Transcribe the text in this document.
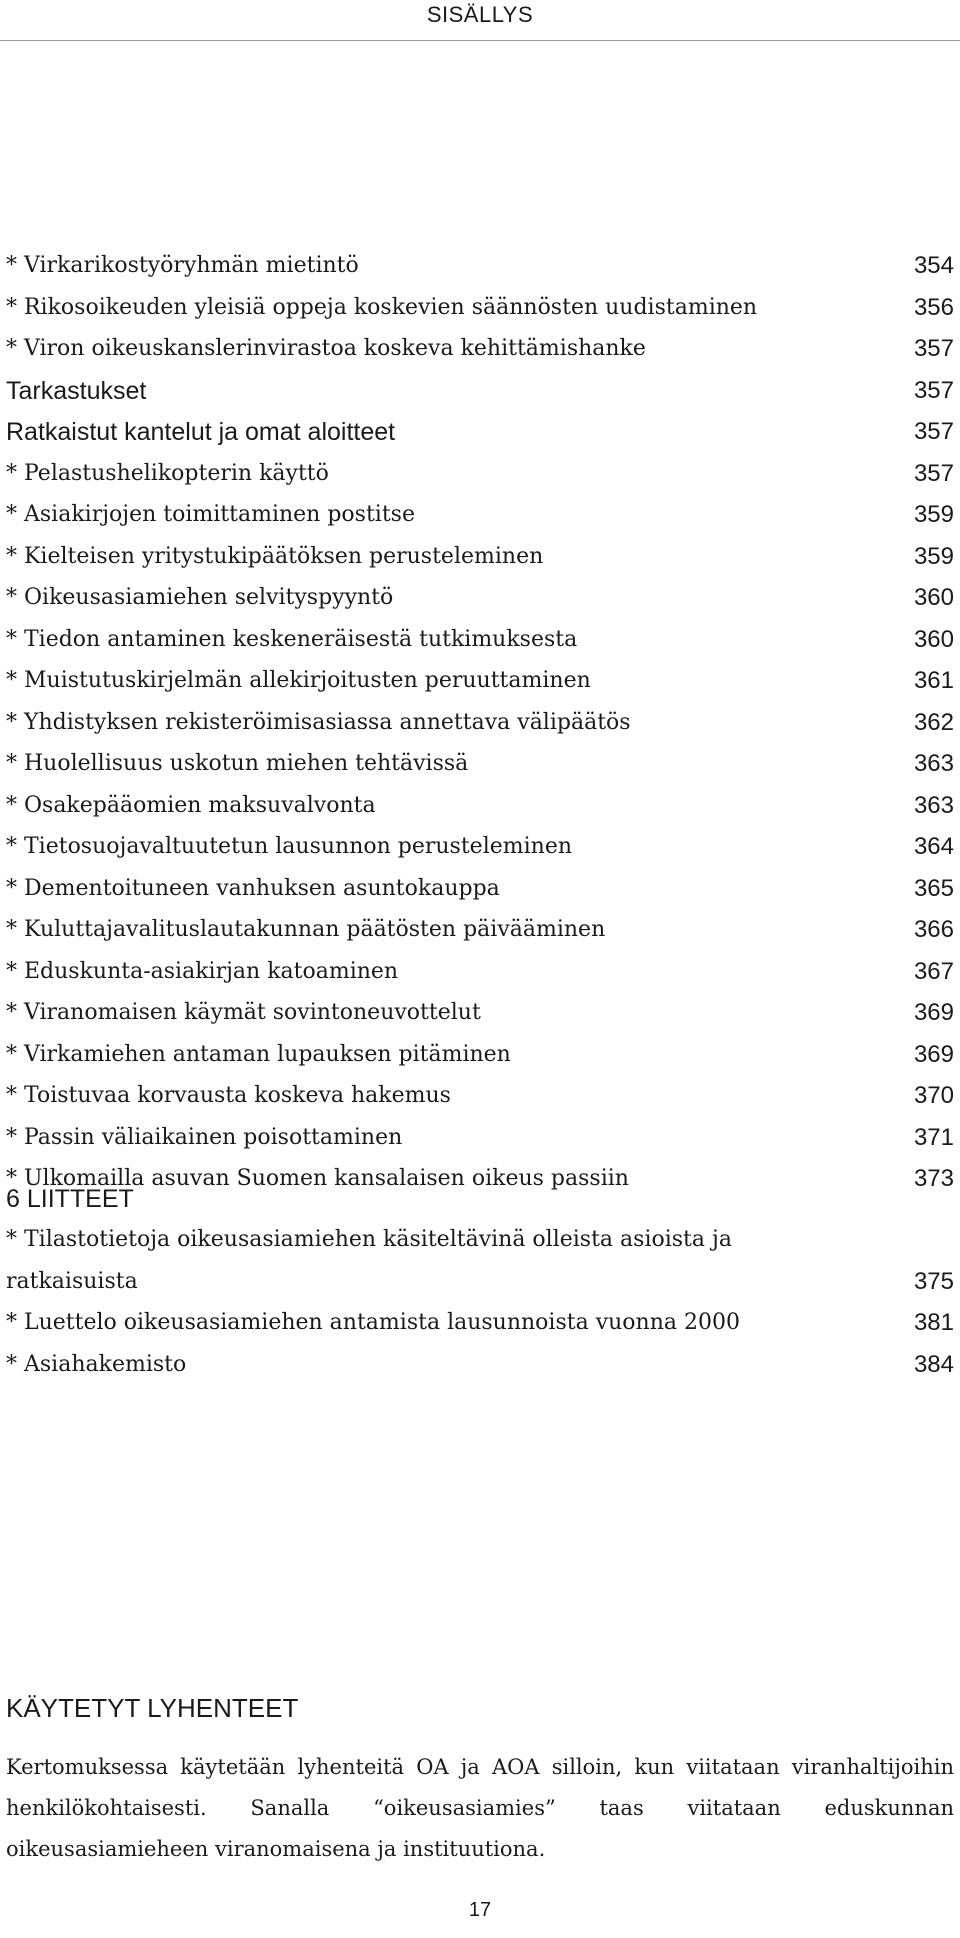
SISÄLLYS
* Virkarikostyöryhmän mietintö	354
* Rikosoikeuden yleisiä oppeja koskevien säännösten uudistaminen	356
* Viron oikeuskanslerinvirastoa koskeva kehittämishanke	357
Tarkastukset	357
Ratkaistut kantelut ja omat aloitteet	357
* Pelastushelikopterin käyttö	357
* Asiakirjojen toimittaminen postitse	359
* Kielteisen yritystukipäätöksen perusteleminen	359
* Oikeusasiamiehen selvityspyyntö	360
* Tiedon antaminen keskeneräisestä tutkimuksesta	360
* Muistutuskirjelmän allekirjoitusten peruuttaminen	361
* Yhdistyksen rekisteröimisasiassa annettava välipäätös	362
* Huolellisuus uskotun miehen tehtävissä	363
* Osakepääomien maksuvalvonta	363
* Tietosuojavaltuutetun lausunnon perusteleminen	364
* Dementoituneen vanhuksen asuntokauppa	365
* Kuluttajavalituslautakunnan päätösten päivääminen	366
* Eduskunta-asiakirjan katoaminen	367
* Viranomaisen käymät sovintoneuvottelut	369
* Virkamiehen antaman lupauksen pitäminen	369
* Toistuvaa korvausta koskeva hakemus	370
* Passin väliaikainen poisottaminen	371
* Ulkomailla asuvan Suomen kansalaisen oikeus passiin	373
6 LIITTEET
* Tilastotietoja oikeusasiamiehen käsiteltävinä olleista asioista ja
ratkaisuista	375
* Luettelo oikeusasiamiehen antamista lausunnoista vuonna 2000	381
* Asiahakemisto	384
KÄYTETYT LYHENTEET
Kertomuksessa käytetään lyhenteitä OA ja AOA silloin, kun viitataan viranhaltijoihin henkilökohtaisesti. Sanalla “oikeusasiamies” taas viitataan eduskunnan oikeusasiamieheen viranomaisena ja instituutiona.
17
